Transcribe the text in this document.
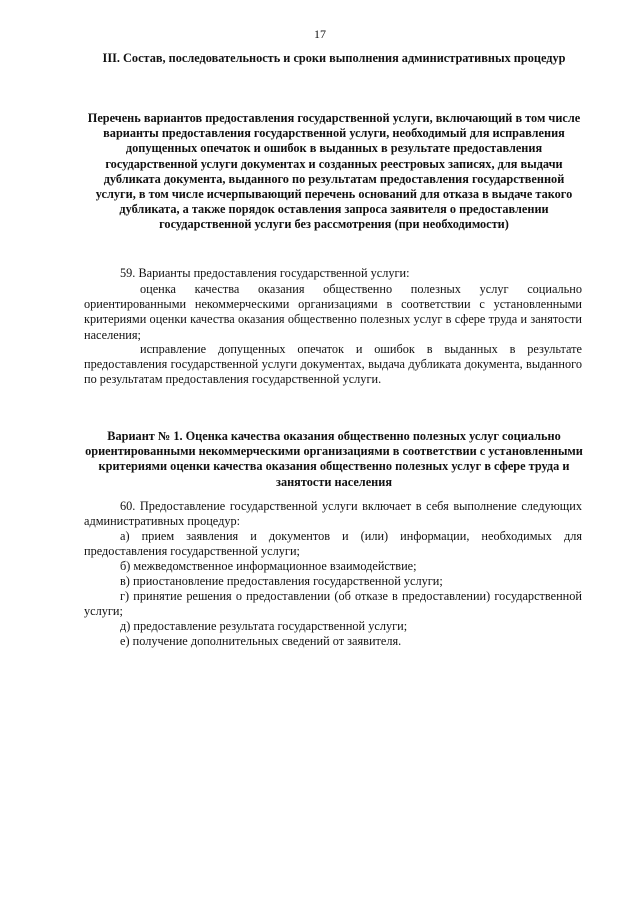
17

III. Состав, последовательность и сроки выполнения административных процедур

Перечень вариантов предоставления государственной услуги, включающий в том числе варианты предоставления государственной услуги, необходимый для исправления допущенных опечаток и ошибок в выданных в результате предоставления государственной услуги документах и созданных реестровых записях, для выдачи дубликата документа, выданного по результатам предоставления государственной услуги, в том числе исчерпывающий перечень оснований для отказа в выдаче такого дубликата, а также порядок оставления запроса заявителя о предоставлении государственной услуги без рассмотрения (при необходимости)

59. Варианты предоставления государственной услуги:

оценка качества оказания общественно полезных услуг социально ориентированными некоммерческими организациями в соответствии с установленными критериями оценки качества оказания общественно полезных услуг в сфере труда и занятости населения;

исправление допущенных опечаток и ошибок в выданных в результате предоставления государственной услуги документах, выдача дубликата документа, выданного по результатам предоставления государственной услуги.

Вариант № 1. Оценка качества оказания общественно полезных услуг социально ориентированными некоммерческими организациями в соответствии с установленными критериями оценки качества оказания общественно полезных услуг в сфере труда и занятости населения

60. Предоставление государственной услуги включает в себя выполнение следующих административных процедур:

а) прием заявления и документов и (или) информации, необходимых для предоставления государственной услуги;

б) межведомственное информационное взаимодействие;

в) приостановление предоставления государственной услуги;

г) принятие решения о предоставлении (об отказе в предоставлении) государственной услуги;

д) предоставление результата государственной услуги;

е) получение дополнительных сведений от заявителя.
